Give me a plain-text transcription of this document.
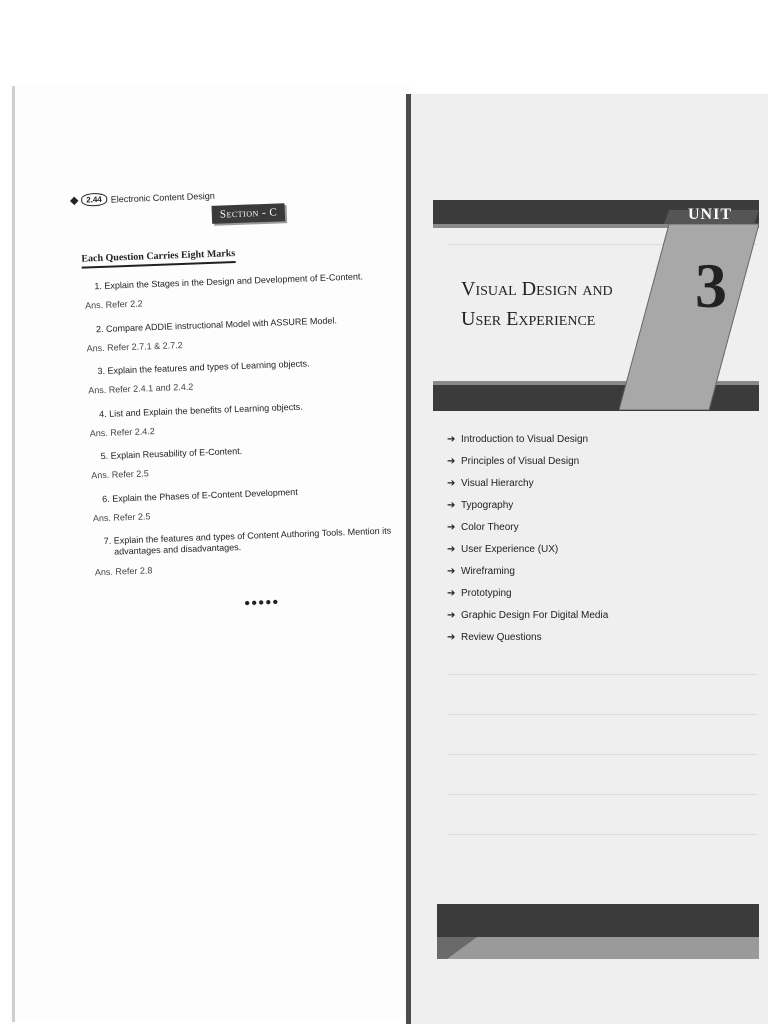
2.44 Electronic Content Design
Section - C
Each Question Carries Eight Marks
1. Explain the Stages in the Design and Development of E-Content.
Ans. Refer 2.2
2. Compare ADDIE instructional Model with ASSURE Model.
Ans. Refer 2.7.1 & 2.7.2
3. Explain the features and types of Learning objects.
Ans. Refer 2.4.1 and 2.4.2
4. List and Explain the benefits of Learning objects.
Ans. Refer 2.4.2
5. Explain Reusability of E-Content.
Ans. Refer 2.5
6. Explain the Phases of E-Content Development
Ans. Refer 2.5
7. Explain the features and types of Content Authoring Tools. Mention its advantages and disadvantages.
Ans. Refer 2.8
●●●●●
UNIT
3
Visual Design and
User Experience
➔ Introduction to Visual Design
➔ Principles of Visual Design
➔ Visual Hierarchy
➔ Typography
➔ Color Theory
➔ User Experience (UX)
➔ Wireframing
➔ Prototyping
➔ Graphic Design For Digital Media
➔ Review Questions
